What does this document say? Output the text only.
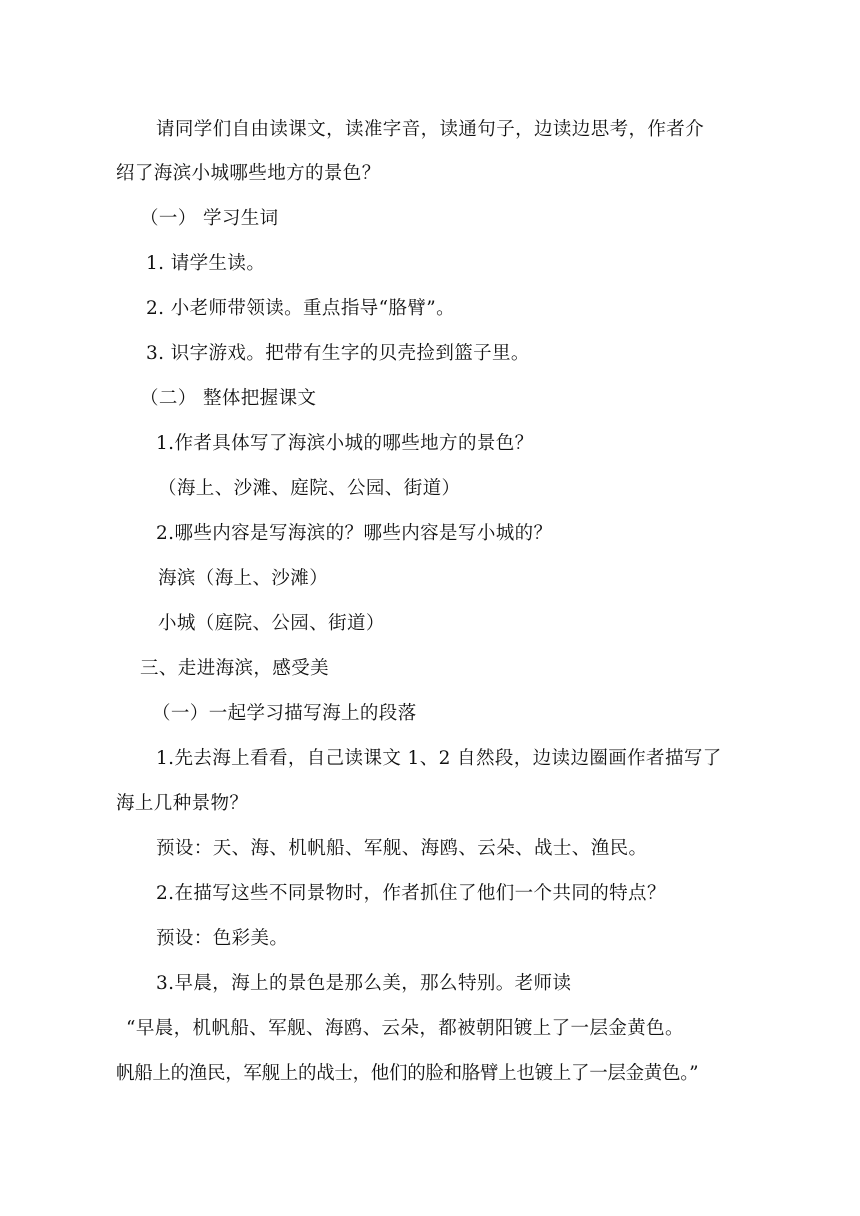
请同学们自由读课文，读准字音，读通句子，边读边思考，作者介
绍了海滨小城哪些地方的景色？
（一） 学习生词
1. 请学生读。
2. 小老师带领读。重点指导“胳臂”。
3. 识字游戏。把带有生字的贝壳捡到篮子里。
（二） 整体把握课文
1.作者具体写了海滨小城的哪些地方的景色？
（海上、沙滩、庭院、公园、街道）
2.哪些内容是写海滨的？哪些内容是写小城的？
海滨（海上、沙滩）
小城（庭院、公园、街道）
三、走进海滨，感受美
（一）一起学习描写海上的段落
1.先去海上看看，自己读课文 1、2 自然段，边读边圈画作者描写了
海上几种景物？
预设：天、海、机帆船、军舰、海鸥、云朵、战士、渔民。
2.在描写这些不同景物时，作者抓住了他们一个共同的特点？
预设：色彩美。
3.早晨，海上的景色是那么美，那么特别。老师读
“早晨，机帆船、军舰、海鸥、云朵，都被朝阳镀上了一层金黄色。
帆船上的渔民，军舰上的战士，他们的脸和胳臂上也镀上了一层金黄色。”
